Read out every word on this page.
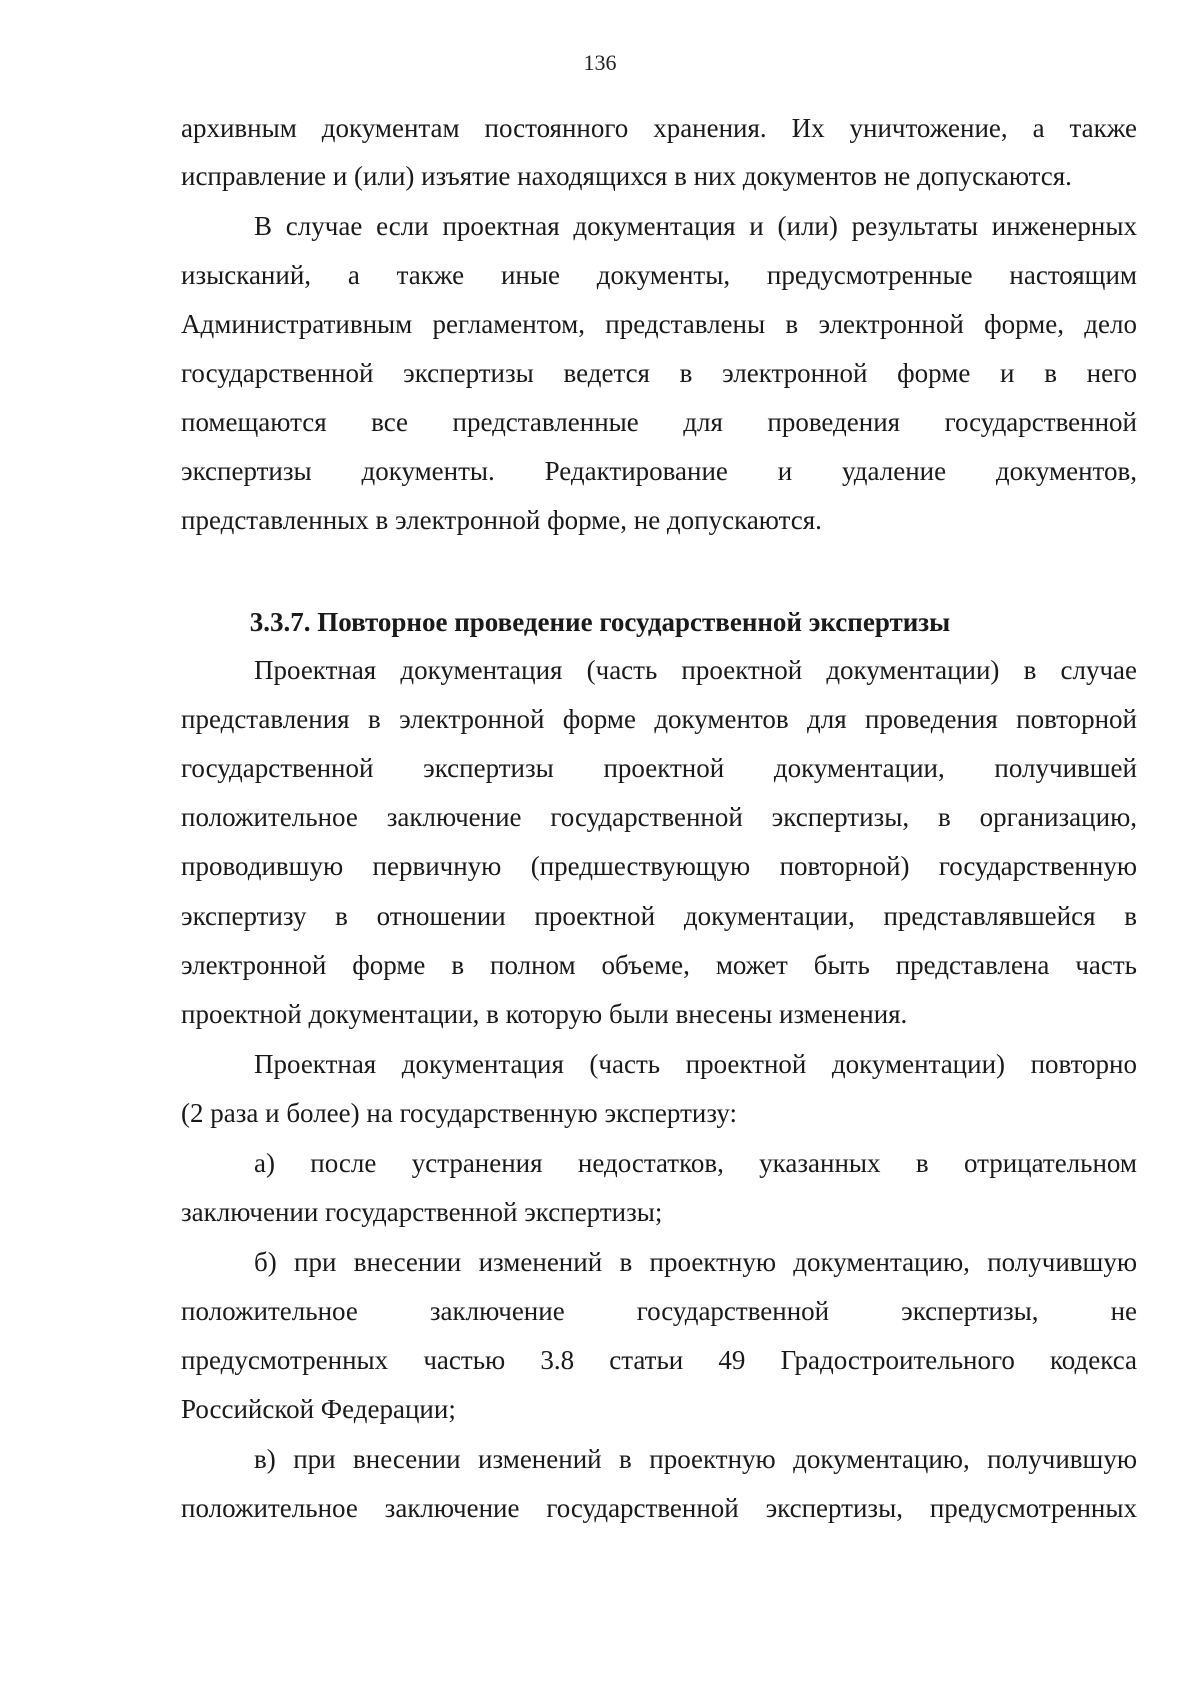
136
архивным документам постоянного хранения. Их уничтожение, а также
исправление и (или) изъятие находящихся в них документов не допускаются.
В случае если проектная документация и (или) результаты инженерных
изысканий, а также иные документы, предусмотренные настоящим
Административным регламентом, представлены в электронной форме, дело
государственной экспертизы ведется в электронной форме и в него
помещаются все представленные для проведения государственной
экспертизы документы. Редактирование и удаление документов,
представленных в электронной форме, не допускаются.
3.3.7. Повторное проведение государственной экспертизы
Проектная документация (часть проектной документации) в случае
представления в электронной форме документов для проведения повторной
государственной экспертизы проектной документации, получившей
положительное заключение государственной экспертизы, в организацию,
проводившую первичную (предшествующую повторной) государственную
экспертизу в отношении проектной документации, представлявшейся в
электронной форме в полном объеме, может быть представлена часть
проектной документации, в которую были внесены изменения.
Проектная документация (часть проектной документации) повторно
(2 раза и более) на государственную экспертизу:
а) после устранения недостатков, указанных в отрицательном
заключении государственной экспертизы;
б) при внесении изменений в проектную документацию, получившую
положительное заключение государственной экспертизы, не
предусмотренных частью 3.8 статьи 49 Градостроительного кодекса
Российской Федерации;
в) при внесении изменений в проектную документацию, получившую
положительное заключение государственной экспертизы, предусмотренных
